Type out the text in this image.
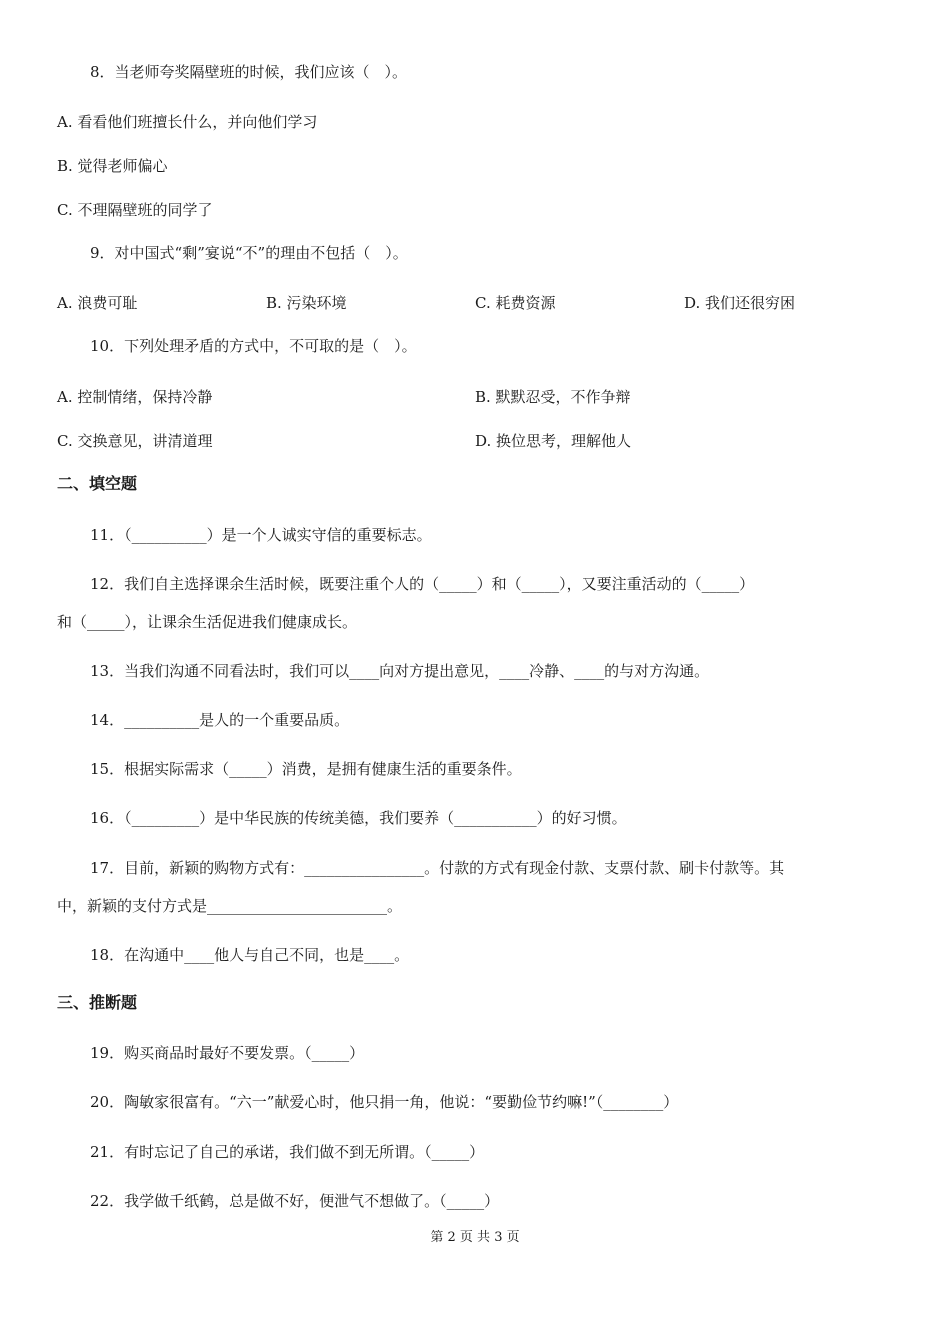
8．当老师夸奖隔壁班的时候，我们应该（　）。
A. 看看他们班擅长什么，并向他们学习
B. 觉得老师偏心
C. 不理隔壁班的同学了
9．对中国式“剩”宴说“不”的理由不包括（　）。
A. 浪费可耻	B. 污染环境	C. 耗费资源	D. 我们还很穷困
10．下列处理矛盾的方式中，不可取的是（　）。
A. 控制情绪，保持冷静	B. 默默忍受，不作争辩
C. 交换意见，讲清道理	D. 换位思考，理解他人
二、填空题
11．（__________）是一个人诚实守信的重要标志。
12．我们自主选择课余生活时候，既要注重个人的（_____）和（_____），又要注重活动的（_____）
和（_____），让课余生活促进我们健康成长。
13．当我们沟通不同看法时，我们可以____向对方提出意见，____冷静、____的与对方沟通。
14．__________是人的一个重要品质。
15．根据实际需求（_____）消费，是拥有健康生活的重要条件。
16．（_________）是中华民族的传统美德，我们要养（___________）的好习惯。
17．目前，新颖的购物方式有：________________。付款的方式有现金付款、支票付款、刷卡付款等。其
中，新颖的支付方式是________________________。
18．在沟通中____他人与自己不同，也是____。
三、推断题
19．购买商品时最好不要发票。（_____）
20．陶敏家很富有。“六一”献爱心时，他只捐一角，他说：“要勤俭节约嘛!”（________）
21．有时忘记了自己的承诺，我们做不到无所谓。（_____）
22．我学做千纸鹤，总是做不好，便泄气不想做了。（_____）
第 2 页 共 3 页
